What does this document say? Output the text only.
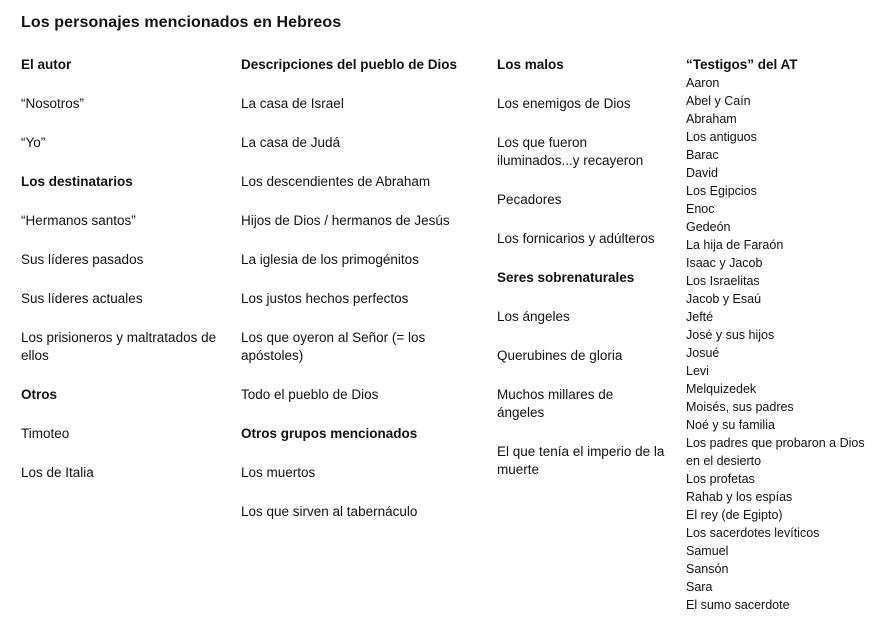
Los personajes mencionados en Hebreos
El autor
“Nosotros”
“Yo”
Los destinatarios
“Hermanos santos”
Sus líderes pasados
Sus líderes actuales
Los prisioneros y maltratados de ellos
Otros
Timoteo
Los de Italia
Descripciones del pueblo de Dios
La casa de Israel
La casa de Judá
Los descendientes de Abraham
Hijos de Dios / hermanos de Jesús
La iglesia de los primogénitos
Los justos hechos perfectos
Los que oyeron al Señor (= los apóstoles)
Todo el pueblo de Dios
Otros grupos mencionados
Los muertos
Los que sirven al tabernáculo
Los malos
Los enemigos de Dios
Los que fueron iluminados...y recayeron
Pecadores
Los fornicarios y adúlteros
Seres sobrenaturales
Los ángeles
Querubines de gloria
Muchos millares de ángeles
El que tenía el imperio de la muerte
“Testigos” del AT
Aaron
Abel y Caín
Abraham
Los antiguos
Barac
David
Los Egipcios
Enoc
Gedeón
La hija de Faraón
Isaac y Jacob
Los Israelitas
Jacob y Esaú
Jefté
José y sus hijos
Josué
Levi
Melquizedek
Moisés, sus padres
Noé y su familia
Los padres que probaron a Dios en el desierto
Los profetas
Rahab y los espías
El rey (de Egipto)
Los sacerdotes levíticos
Samuel
Sansón
Sara
El sumo sacerdote
